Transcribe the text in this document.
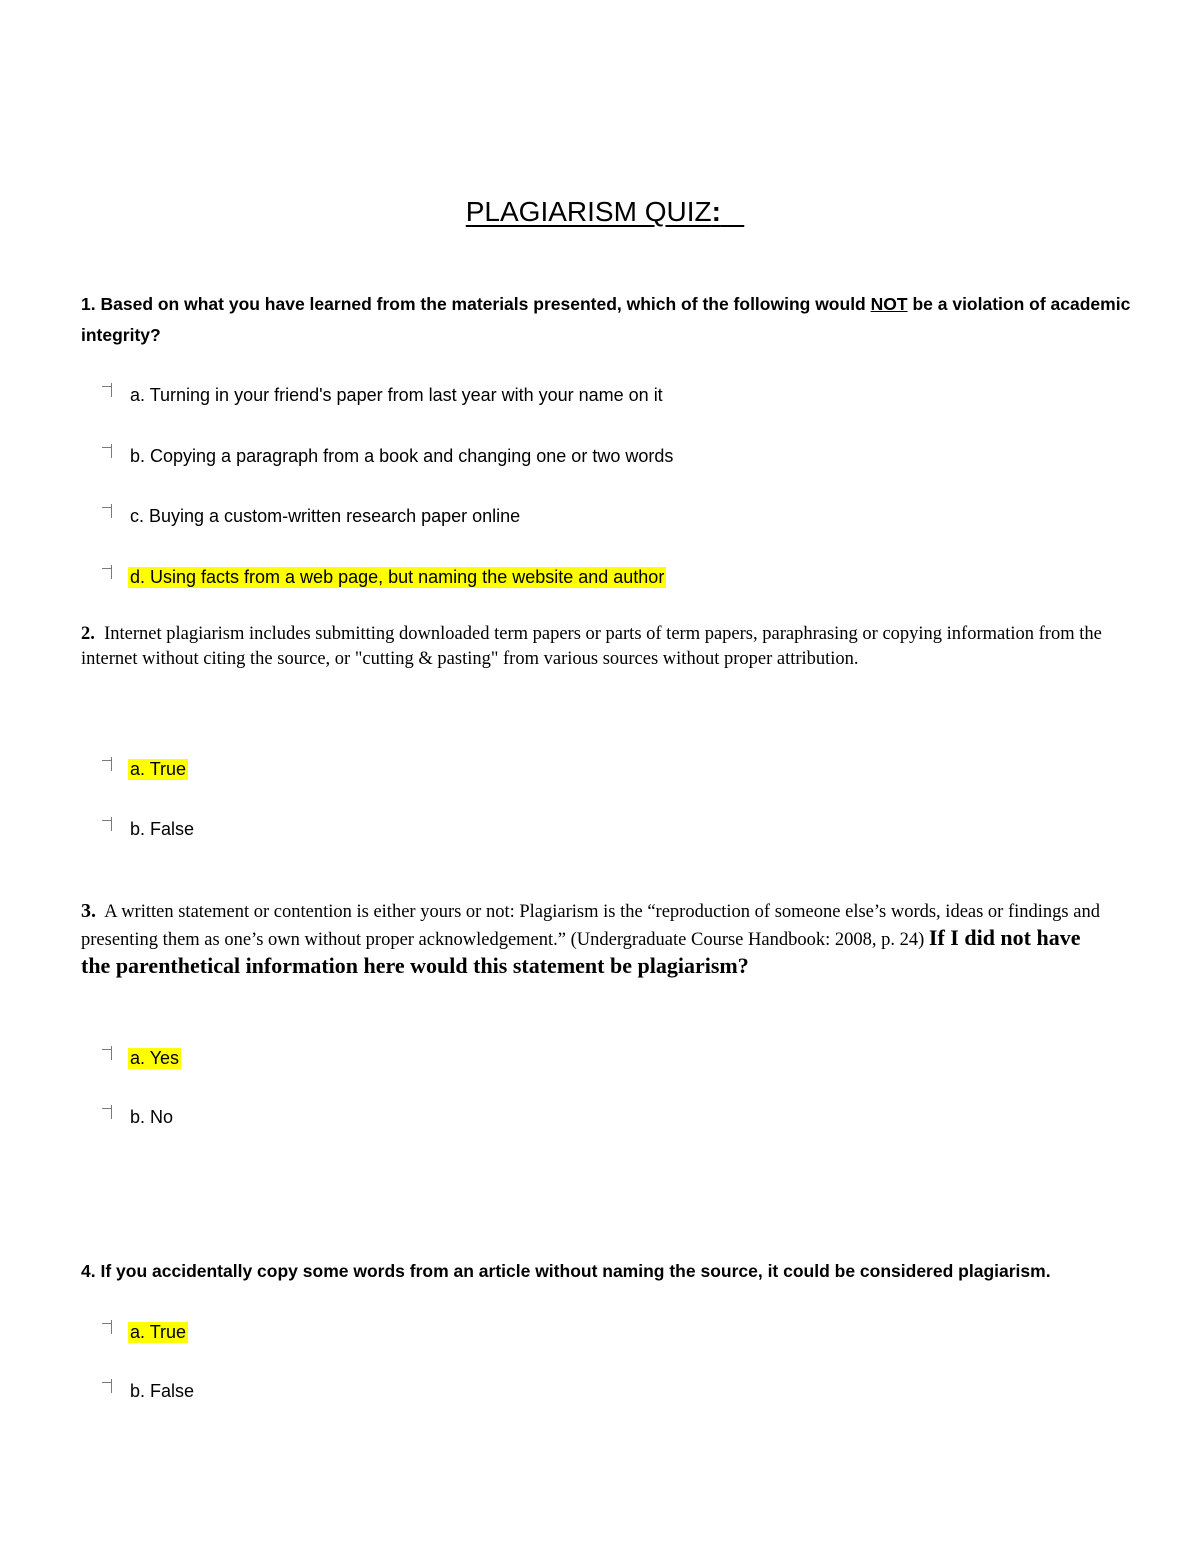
PLAGIARISM QUIZ:
1. Based on what you have learned from the materials presented, which of the following would NOT be a violation of academic integrity?
a. Turning in your friend's paper from last year with your name on it
b. Copying a paragraph from a book and changing one or two words
c. Buying a custom-written research paper online
d. Using facts from a web page, but naming the website and author
2. Internet plagiarism includes submitting downloaded term papers or parts of term papers, paraphrasing or copying information from the internet without citing the source, or "cutting & pasting" from various sources without proper attribution.
a. True
b. False
3. A written statement or contention is either yours or not: Plagiarism is the “reproduction of someone else’s words, ideas or findings and presenting them as one’s own without proper acknowledgement.” (Undergraduate Course Handbook: 2008, p. 24) If I did not have the parenthetical information here would this statement be plagiarism?
a. Yes
b. No
4. If you accidentally copy some words from an article without naming the source, it could be considered plagiarism.
a. True
b. False
